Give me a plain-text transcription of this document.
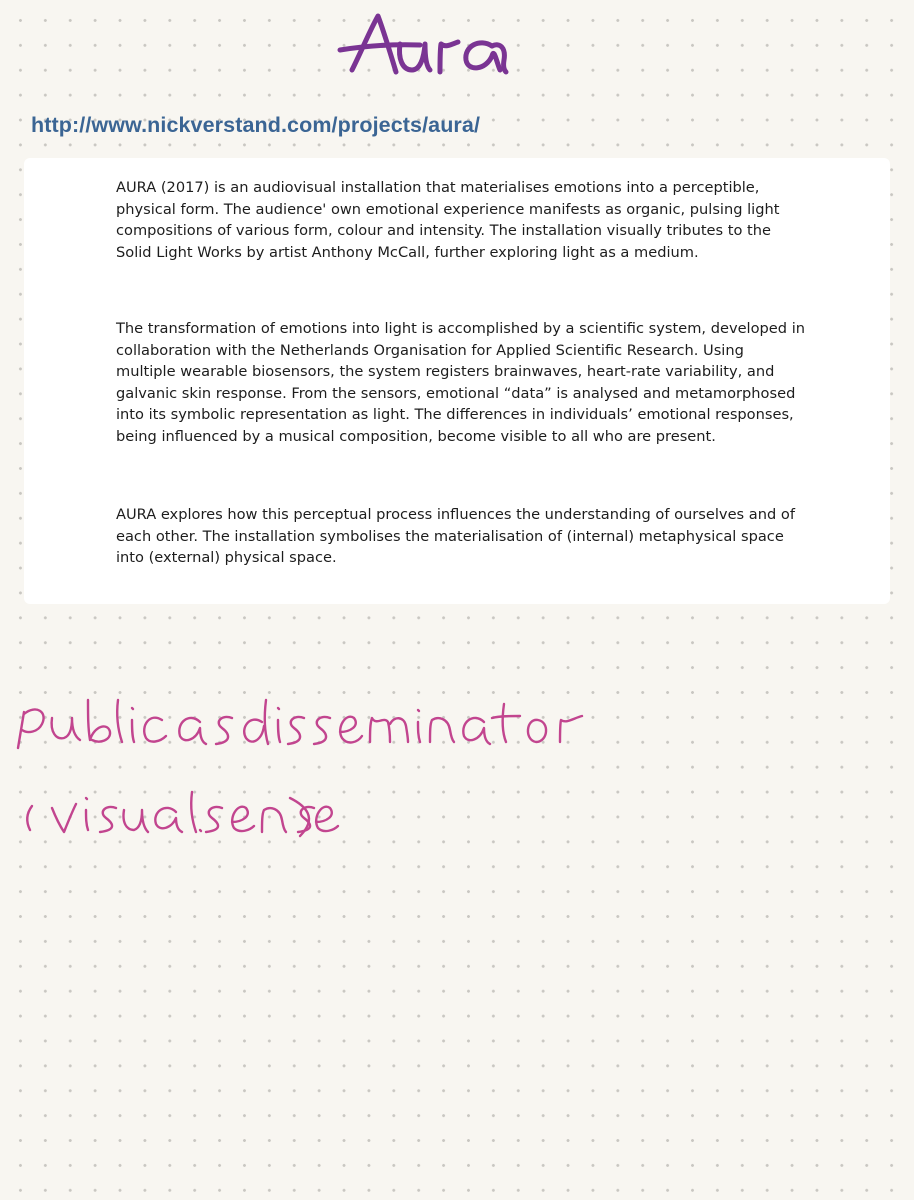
http://www.nickverstand.com/projects/aura/

AURA (2017) is an audiovisual installation that materialises emotions into a perceptible, physical form. The audience' own emotional experience manifests as organic, pulsing light compositions of various form, colour and intensity. The installation visually tributes to the Solid Light Works by artist Anthony McCall, further exploring light as a medium.

The transformation of emotions into light is accomplished by a scientific system, developed in collaboration with the Netherlands Organisation for Applied Scientific Research. Using multiple wearable biosensors, the system registers brainwaves, heart-rate variability, and galvanic skin response. From the sensors, emotional “data” is analysed and metamorphosed into its symbolic representation as light. The differences in individuals’ emotional responses, being influenced by a musical composition, become visible to all who are present.

AURA explores how this perceptual process influences the understanding of ourselves and of each other. The installation symbolises the materialisation of (internal) metaphysical space into (external) physical space.
